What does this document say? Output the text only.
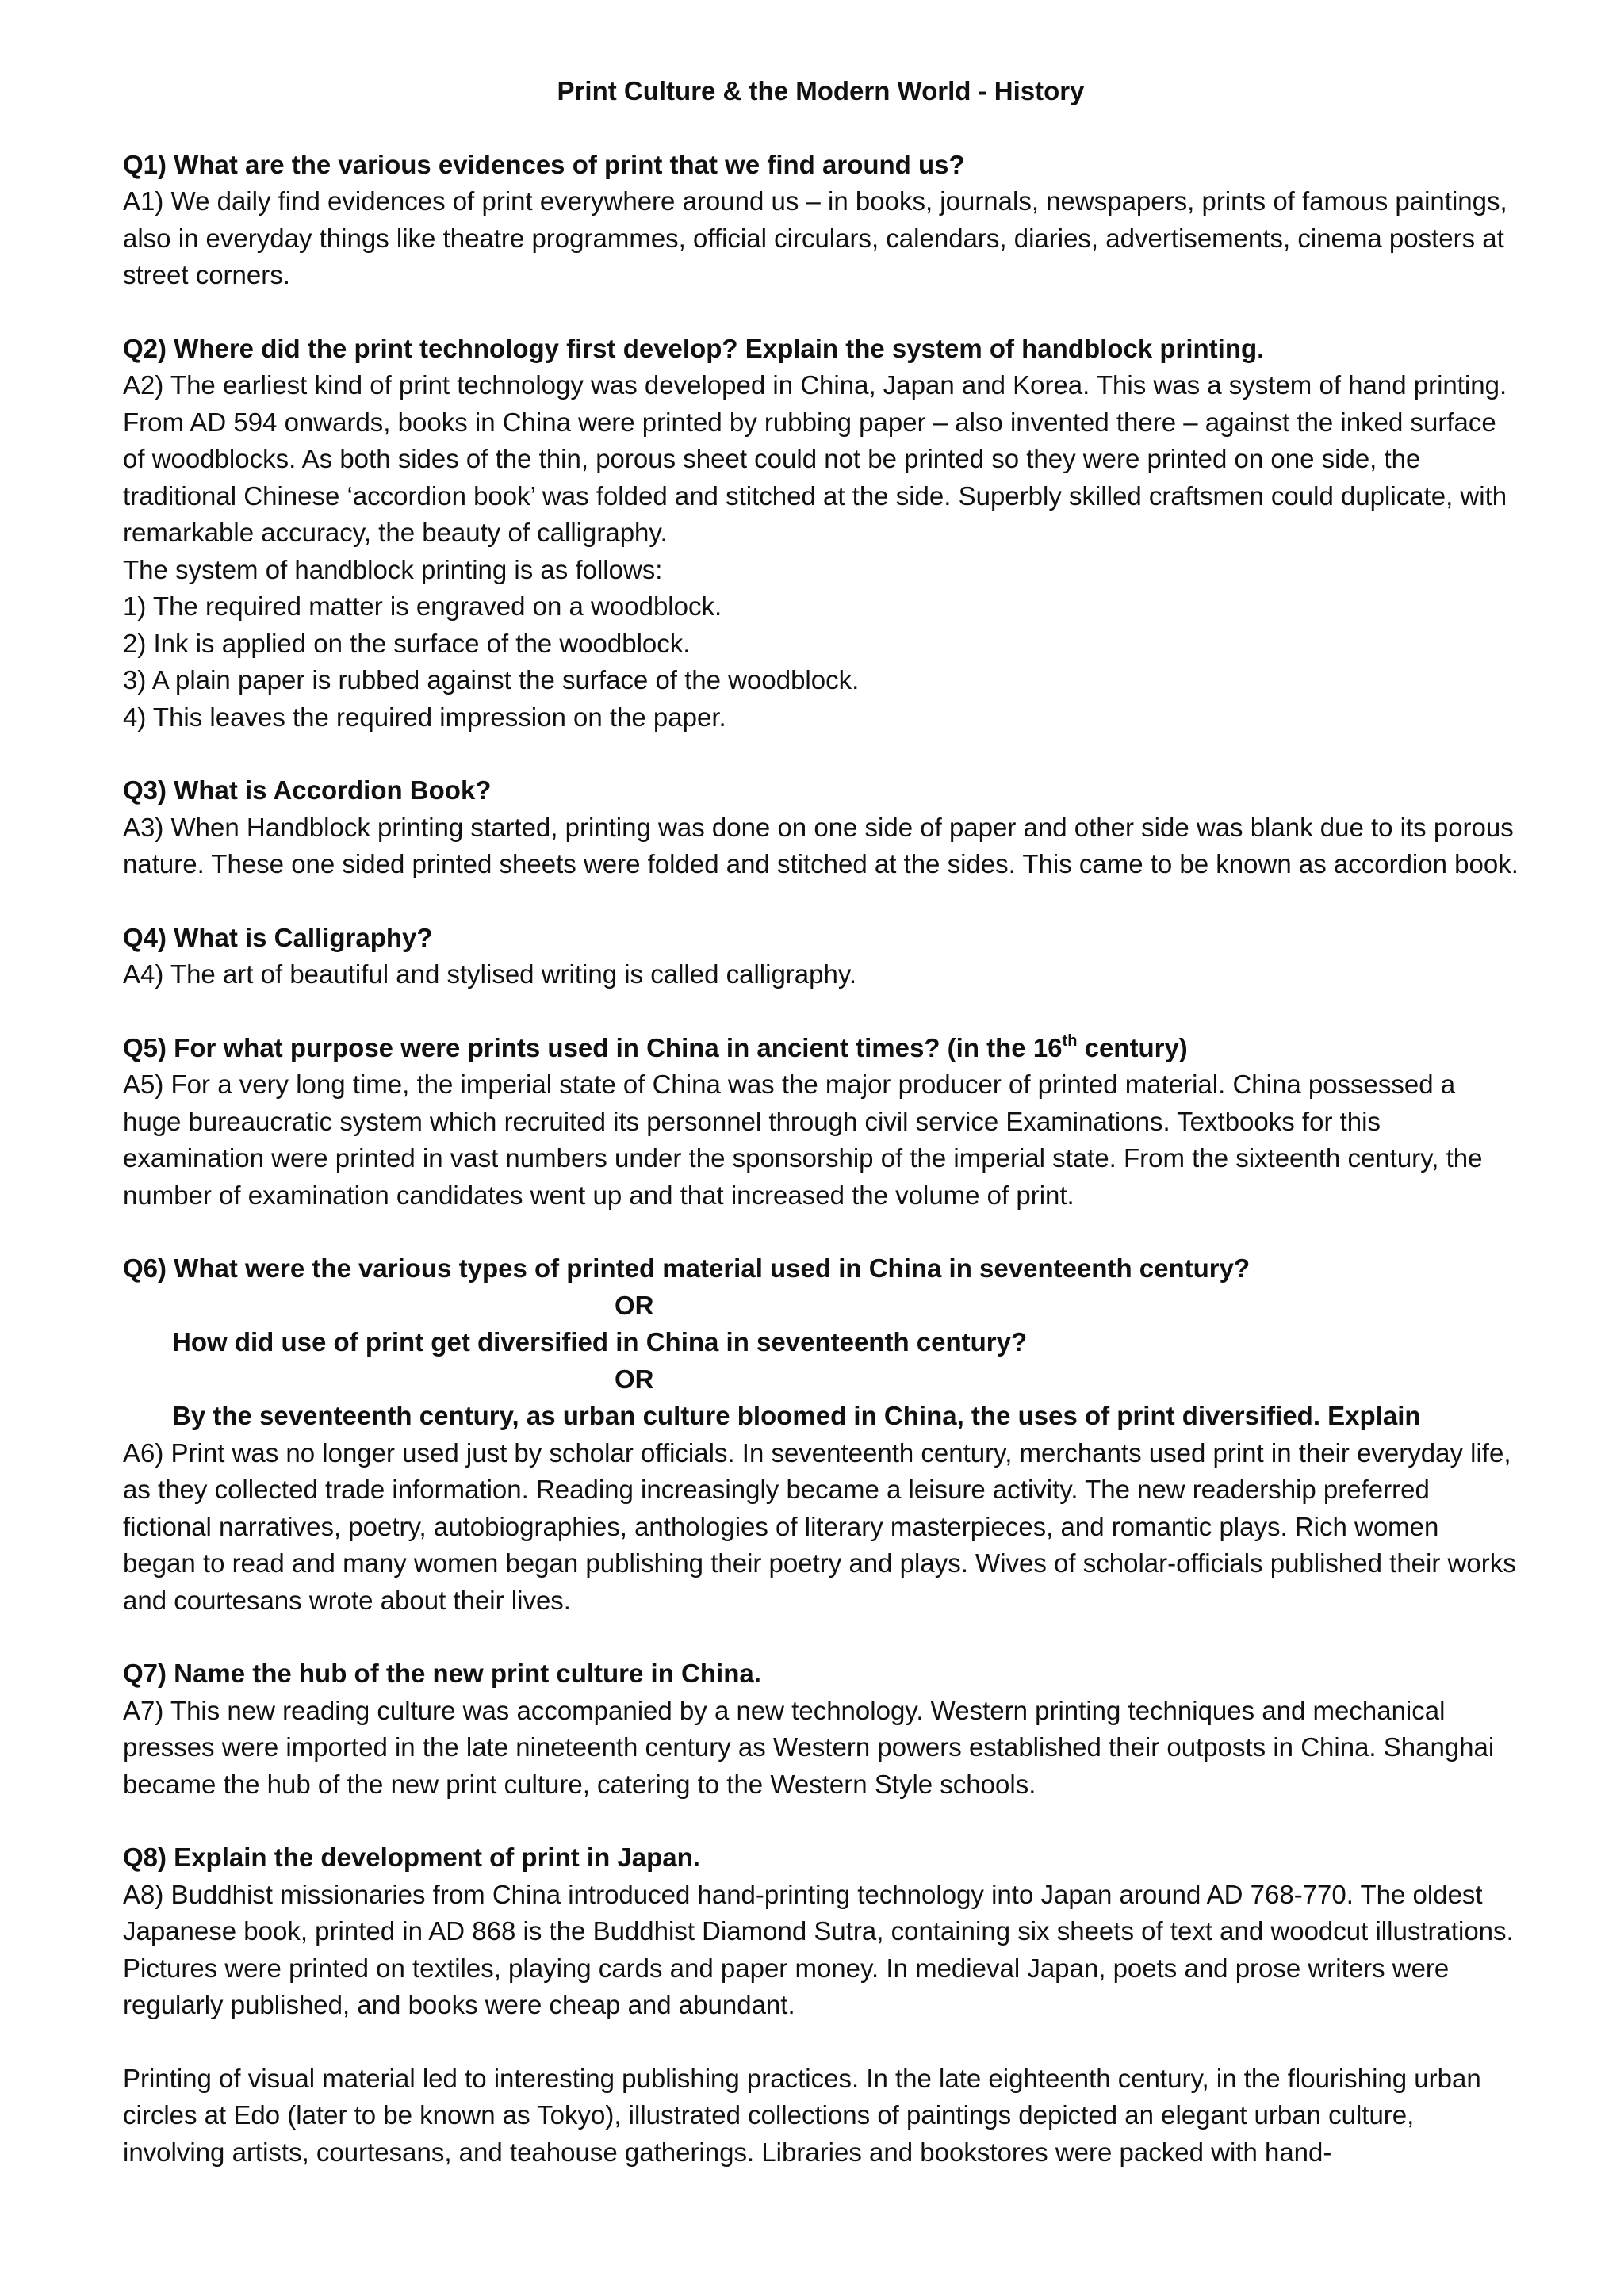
Print Culture & the Modern World - History

Q1) What are the various evidences of print that we find around us?

A1) We daily find evidences of print everywhere around us – in books, journals, newspapers, prints of famous paintings, also in everyday things like theatre programmes, official circulars, calendars, diaries, advertisements, cinema posters at street corners.

Q2) Where did the print technology first develop? Explain the system of handblock printing.

A2) The earliest kind of print technology was developed in China, Japan and Korea. This was a system of hand printing. From AD 594 onwards, books in China were printed by rubbing paper – also invented there – against the inked surface of woodblocks. As both sides of the thin, porous sheet could not be printed so they were printed on one side, the traditional Chinese ‘accordion book’ was folded and stitched at the side. Superbly skilled craftsmen could duplicate, with remarkable accuracy, the beauty of calligraphy.

The system of handblock printing is as follows:

1) The required matter is engraved on a woodblock.

2) Ink is applied on the surface of the woodblock.

3) A plain paper is rubbed against the surface of the woodblock.

4) This leaves the required impression on the paper.

Q3) What is Accordion Book?

A3) When Handblock printing started, printing was done on one side of paper and other side was blank due to its porous nature. These one sided printed sheets were folded and stitched at the sides. This came to be known as accordion book.

Q4) What is Calligraphy?

A4) The art of beautiful and stylised writing is called calligraphy.

Q5) For what purpose were prints used in China in ancient times? (in the 16th century)

A5) For a very long time, the imperial state of China was the major producer of printed material. China possessed a huge bureaucratic system which recruited its personnel through civil service Examinations. Textbooks for this examination were printed in vast numbers under the sponsorship of the imperial state. From the sixteenth century, the number of examination candidates went up and that increased the volume of print.

Q6) What were the various types of printed material used in China in seventeenth century?

OR

How did use of print get diversified in China in seventeenth century?

OR

By the seventeenth century, as urban culture bloomed in China, the uses of print diversified. Explain

A6) Print was no longer used just by scholar officials. In seventeenth century, merchants used print in their everyday life, as they collected trade information. Reading increasingly became a leisure activity. The new readership preferred fictional narratives, poetry, autobiographies, anthologies of literary masterpieces, and romantic plays. Rich women began to read and many women began publishing their poetry and plays. Wives of scholar-officials published their works and courtesans wrote about their lives.

Q7) Name the hub of the new print culture in China.

A7) This new reading culture was accompanied by a new technology. Western printing techniques and mechanical presses were imported in the late nineteenth century as Western powers established their outposts in China. Shanghai became the hub of the new print culture, catering to the Western Style schools.

Q8) Explain the development of print in Japan.

A8) Buddhist missionaries from China introduced hand-printing technology into Japan around AD 768-770. The oldest Japanese book, printed in AD 868 is the Buddhist Diamond Sutra, containing six sheets of text and woodcut illustrations. Pictures were printed on textiles, playing cards and paper money. In medieval Japan, poets and prose writers were regularly published, and books were cheap and abundant.

Printing of visual material led to interesting publishing practices. In the late eighteenth century, in the flourishing urban circles at Edo (later to be known as Tokyo), illustrated collections of paintings depicted an elegant urban culture, involving artists, courtesans, and teahouse gatherings. Libraries and bookstores were packed with hand-
